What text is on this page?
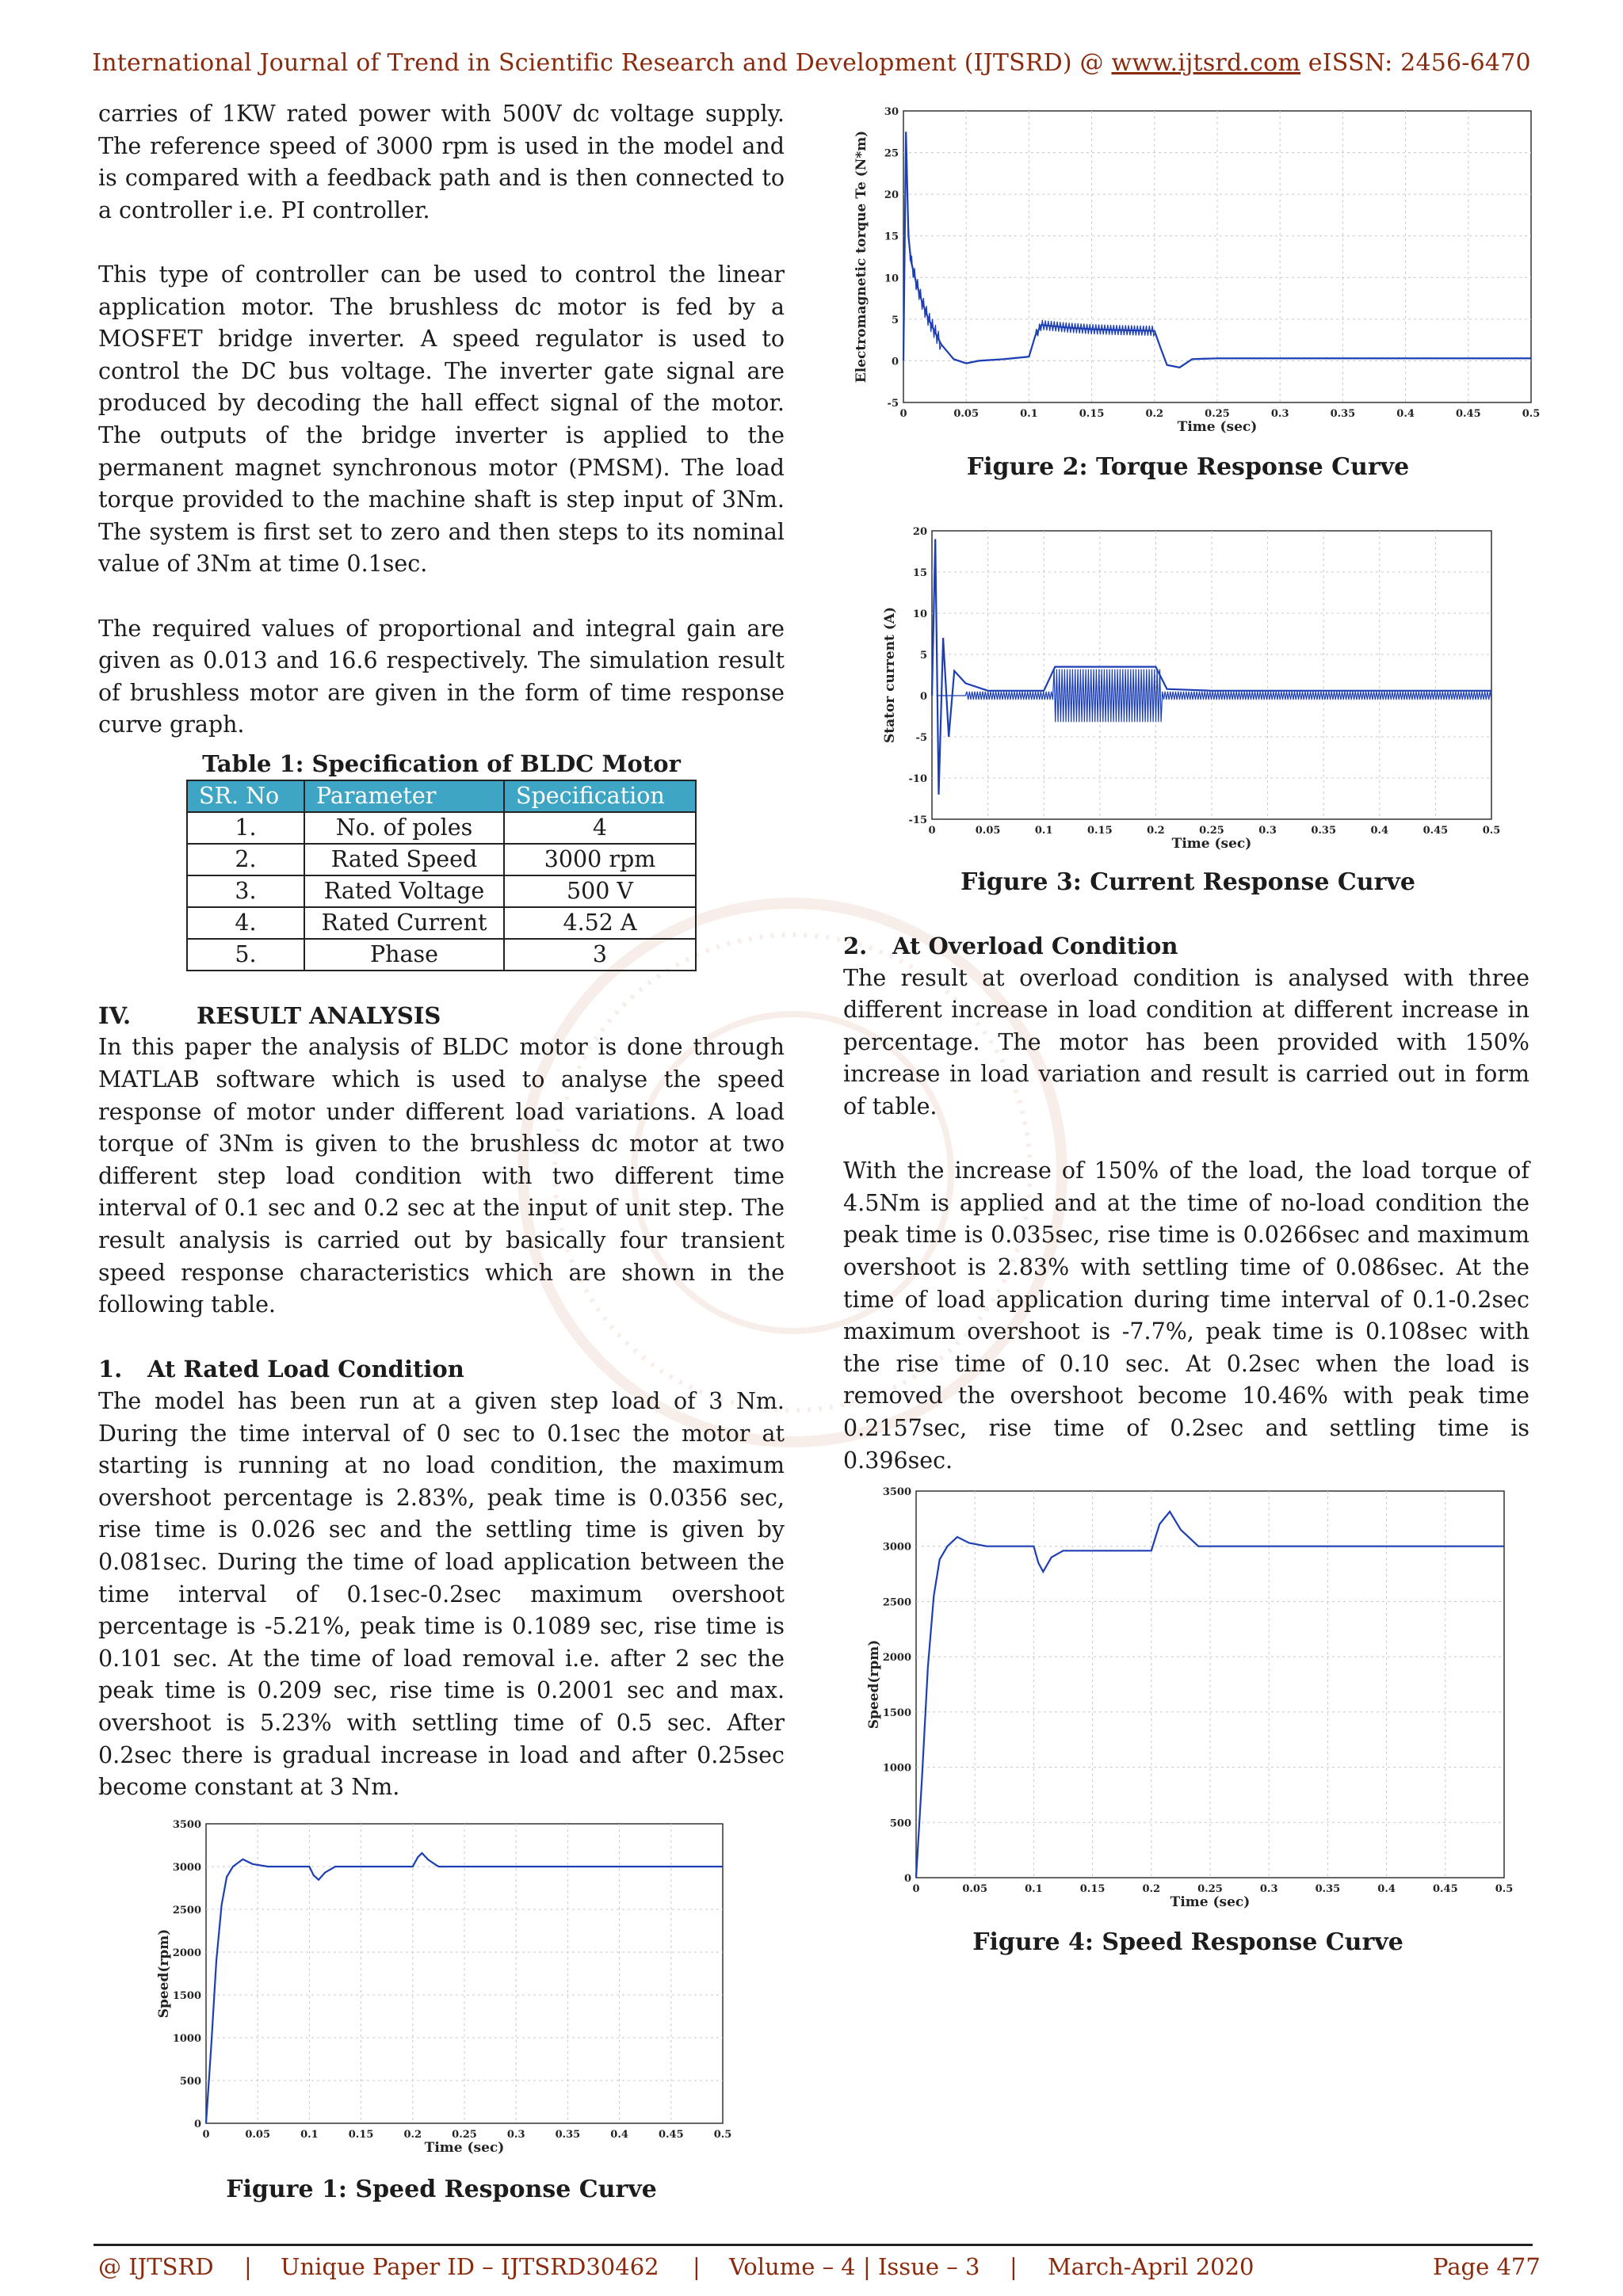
International Journal of Trend in Scientific Research and Development (IJTSRD) @ www.ijtsrd.com eISSN: 2456-6470

carries of 1KW rated power with 500V dc voltage supply. The reference speed of 3000 rpm is used in the model and is compared with a feedback path and is then connected to a controller i.e. PI controller.

This type of controller can be used to control the linear application motor. The brushless dc motor is fed by a MOSFET bridge inverter. A speed regulator is used to control the DC bus voltage. The inverter gate signal are produced by decoding the hall effect signal of the motor. The outputs of the bridge inverter is applied to the permanent magnet synchronous motor (PMSM). The load torque provided to the machine shaft is step input of 3Nm. The system is first set to zero and then steps to its nominal value of 3Nm at time 0.1sec.

The required values of proportional and integral gain are given as 0.013 and 16.6 respectively. The simulation result of brushless motor are given in the form of time response curve graph.

Table 1: Specification of BLDC Motor
SR. No	Parameter	Specification
1.	No. of poles	4
2.	Rated Speed	3000 rpm
3.	Rated Voltage	500 V
4.	Rated Current	4.52 A
5.	Phase	3
IV.	RESULT ANALYSIS

In this paper the analysis of BLDC motor is done through MATLAB software which is used to analyse the speed response of motor under different load variations. A load torque of 3Nm is given to the brushless dc motor at two different step load condition with two different time interval of 0.1 sec and 0.2 sec at the input of unit step. The result analysis is carried out by basically four transient speed response characteristics which are shown in the following table.

1. At Rated Load Condition

The model has been run at a given step load of 3 Nm. During the time interval of 0 sec to 0.1sec the motor at starting is running at no load condition, the maximum overshoot percentage is 2.83%, peak time is 0.0356 sec, rise time is 0.026 sec and the settling time is given by 0.081sec. During the time of load application between the time interval of 0.1sec-0.2sec maximum overshoot percentage is -5.21%, peak time is 0.1089 sec, rise time is 0.101 sec. At the time of load removal i.e. after 2 sec the peak time is 0.209 sec, rise time is 0.2001 sec and max. overshoot is 5.23% with settling time of 0.5 sec. After 0.2sec there is gradual increase in load and after 0.25sec become constant at 3 Nm.

2. At Overload Condition

The result at overload condition is analysed with three different increase in load condition at different increase in percentage. The motor has been provided with 150% increase in load variation and result is carried out in form of table.

With the increase of 150% of the load, the load torque of 4.5Nm is applied and at the time of no-load condition the peak time is 0.035sec, rise time is 0.0266sec and maximum overshoot is 2.83% with settling time of 0.086sec. At the time of load application during time interval of 0.1-0.2sec maximum overshoot is -7.7%, peak time is 0.108sec with the rise time of 0.10 sec. At 0.2sec when the load is removed the overshoot become 10.46% with peak time 0.2157sec, rise time of 0.2sec and settling time is 0.396sec.

0	0.05	0.1	0.15	0.2	0.25	0.3	0.35	0.4	0.45	0.5
-5
0
5
10
15
20
25
30
Time (sec)
Electromagnetic torque Te (N*m)
Figure 2: Torque Response Curve
0	0.05	0.1	0.15	0.2	0.25	0.3	0.35	0.4	0.45	0.5
-15
-10
-5
0
5
10
15
20
Time (sec)
Stator current (A)
Figure 3: Current Response Curve
0	0.05	0.1	0.15	0.2	0.25	0.3	0.35	0.4	0.45	0.5
0
500
1000
1500
2000
2500
3000
3500
Time (sec)
Speed(rpm)
Figure 4: Speed Response Curve
0	0.05	0.1	0.15	0.2	0.25	0.3	0.35	0.4	0.45	0.5
0
500
1000
1500
2000
2500
3000
3500
Time (sec)
Speed(rpm)
Figure 1: Speed Response Curve
@ IJTSRD | Unique Paper ID – IJTSRD30462 | Volume – 4 | Issue – 3 | March-April 2020	Page 477
